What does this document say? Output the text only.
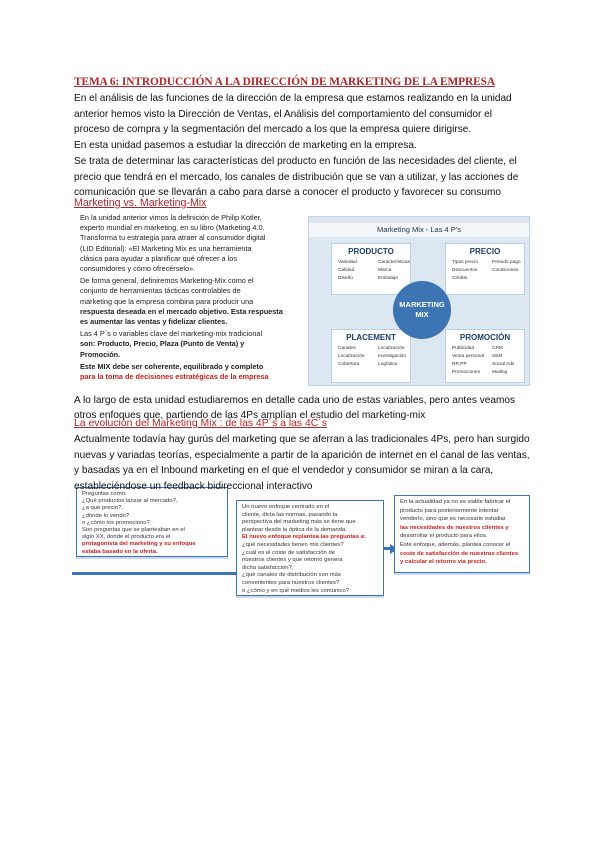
TEMA 6: INTRODUCCIÓN A LA DIRECCIÓN DE MARKETING DE LA EMPRESA
Marketing vs. Marketing-Mix
Marketing Mix - Las 4 P's
PRODUCTO
Variedad	Características
Calidad	Marca
Diseño	Embalaje
PRECIO
Tipos precio	Periodo pago
Descuentos	Condiciones
Crédito
PLACEMENT
Canales	Localización
Localización	Investigación
Cobertura	Logística
PROMOCIÓN
Publicidad	CRM
Venta personal SEM
RR.PP	Social Ads
Promociones	Mailing
MARKETING
MIX
La evolución del Marketing Mix : de las 4P´s a las 4C´s
Preguntas como:
¿Qué productos lanzar al mercado?,
¿a qué precio?,
¿dónde lo vendo?
o ¿cómo los promociono?
Son preguntas que se planteaban en el
siglo XX, donde el producto era el
protagonista del marketing y su enfoque
estaba basado en la oferta.
Un nuevo enfoque centrado en el
cliente, dicta las normas, pasando la
perspectiva del marketing más se tiene que
plantear desde la óptica de la demanda.
El nuevo enfoque replantea las preguntas a:
¿qué necesidades tienen mis clientes?
¿cuál es el coste de satisfacción de
nuestros clientes y que retorno genera
dicha satisfacción?,
¿qué canales de distribución son más
convenientes para nuestros clientes?
o ¿cómo y en qué medios les comunico?
En la actualidad ya no es viable fabricar el
producto para posteriormente intentar
venderlo, sino que es necesario estudiar
las necesidades de nuestros clientes y
desarrollar el producto para ellos.
Este enfoque, además, plantea conocer el
coste de satisfacción de nuestros clientes
y calcular el retorno vía precio.
En el análisis de las funciones de la dirección de la empresa que estamos realizando en la unidad
anterior hemos visto la Dirección de Ventas, el Análisis del comportamiento del consumidor el
proceso de compra y la segmentación del mercado a los que la empresa quiere dirigirse.
En esta unidad pasemos a estudiar la dirección de marketing en la empresa.
Se trata de determinar las características del producto en función de las necesidades del cliente, el
precio que tendrá en el mercado, los canales de distribución que se van a utilizar, y las acciones de
comunicación que se llevarán a cabo para darse a conocer el producto y favorecer su consumo
A lo largo de esta unidad estudiaremos en detalle cada uno de estas variables, pero antes veamos
otros enfoques que, partiendo de las 4Ps amplían el estudio del marketing-mix
Actualmente todavía hay gurús del marketing que se aferran a las tradicionales 4Ps, pero han surgido
nuevas y variadas teorías, especialmente a partir de la aparición de internet en el canal de las ventas,
y basadas ya en el Inbound marketing en el que el vendedor y consumidor se miran a la cara,
estableciéndose un feedback bidireccional interactivo
En la unidad anterior vimos la definición de Philip Kotler,
experto mundial en marketing, en su libro (Marketing 4.0.
Transforma tu estrategia para atraer al consumidor digital
(LID Editorial): «El Marketing Mix es una herramienta
clásica para ayudar a planificar qué ofrecer a los
consumidores y cómo ofrecérselo».
De forma general, definiremos Marketing-Mix como el
conjunto de herramientas tácticas controlables de
marketing que la empresa combina para producir una
respuesta deseada en el mercado objetivo. Esta respuesta
es aumentar las ventas y fidelizar clientes.
Las 4 P´s o variables clave del marketing-mix tradicional
son: Producto, Precio, Plaza (Punto de Venta) y
Promoción.
Este MIX debe ser coherente, equilibrado y completo
para la toma de decisiones estratégicas de la empresa
